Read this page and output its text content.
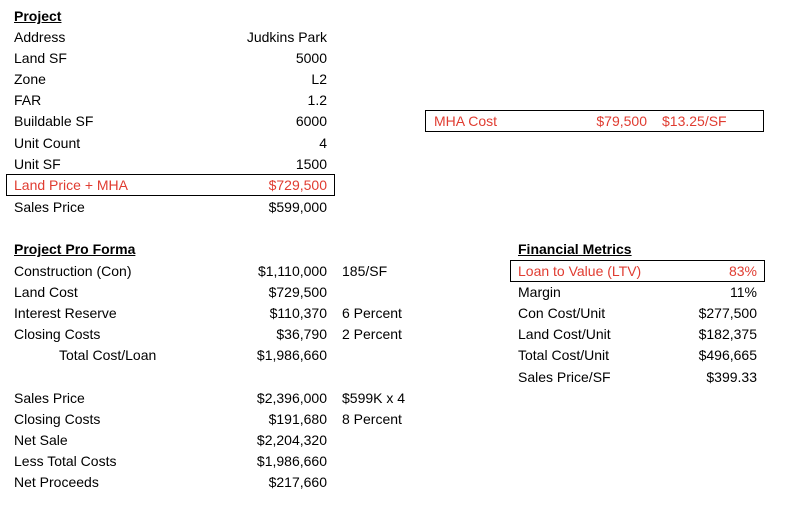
Project
Address	Judkins Park
Land SF	5000
Zone	L2
FAR	1.2
Buildable SF	6000
Unit Count	4
Unit SF	1500
Land Price + MHA	$729,500
Sales Price	$599,000
MHA Cost	$79,500 $13.25/SF
Project Pro Forma
Construction (Con)	$1,110,000 185/SF
Land Cost	$729,500
Interest Reserve	$110,370 6 Percent
Closing Costs	$36,790 2 Percent
Total Cost/Loan	$1,986,660
Sales Price	$2,396,000 $599K x 4
Closing Costs	$191,680 8 Percent
Net Sale	$2,204,320
Less Total Costs	$1,986,660
Net Proceeds	$217,660
Financial Metrics
Loan to Value (LTV)	83%
Margin	11%
Con Cost/Unit	$277,500
Land Cost/Unit	$182,375
Total Cost/Unit	$496,665
Sales Price/SF	$399.33
